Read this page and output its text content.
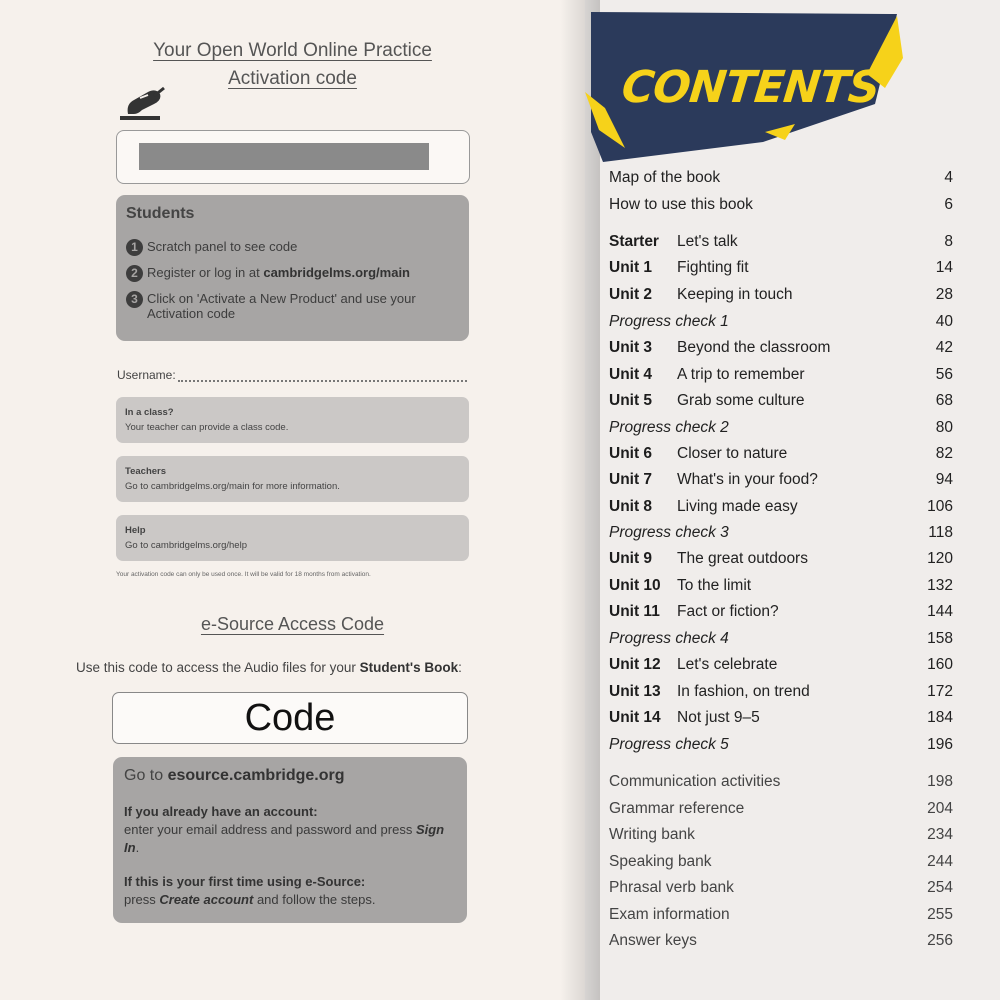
Your Open World Online Practice
Activation code
Students
1 Scratch panel to see code
2 Register or log in at cambridgelms.org/main
3 Click on 'Activate a New Product' and use your Activation code
Username:
In a class?
Your teacher can provide a class code.
Teachers
Go to cambridgelms.org/main for more information.
Help
Go to cambridgelms.org/help
Your activation code can only be used once. It will be valid for 18 months from activation.
e-Source Access Code
Use this code to access the Audio files for your Student's Book:
Code
Go to esource.cambridge.org
If you already have an account:
enter your email address and password and press Sign In.
If this is your first time using e-Source:
press Create account and follow the steps.
CONTENTS
Map of the book	4
How to use this book	6
Starter	Let's talk	8
Unit 1	Fighting fit	14
Unit 2	Keeping in touch	28
Progress check 1	40
Unit 3	Beyond the classroom	42
Unit 4	A trip to remember	56
Unit 5	Grab some culture	68
Progress check 2	80
Unit 6	Closer to nature	82
Unit 7	What's in your food?	94
Unit 8	Living made easy	106
Progress check 3	118
Unit 9	The great outdoors	120
Unit 10	To the limit	132
Unit 11	Fact or fiction?	144
Progress check 4	158
Unit 12	Let's celebrate	160
Unit 13	In fashion, on trend	172
Unit 14	Not just 9–5	184
Progress check 5	196
Communication activities	198
Grammar reference	204
Writing bank	234
Speaking bank	244
Phrasal verb bank	254
Exam information	255
Answer keys	256
